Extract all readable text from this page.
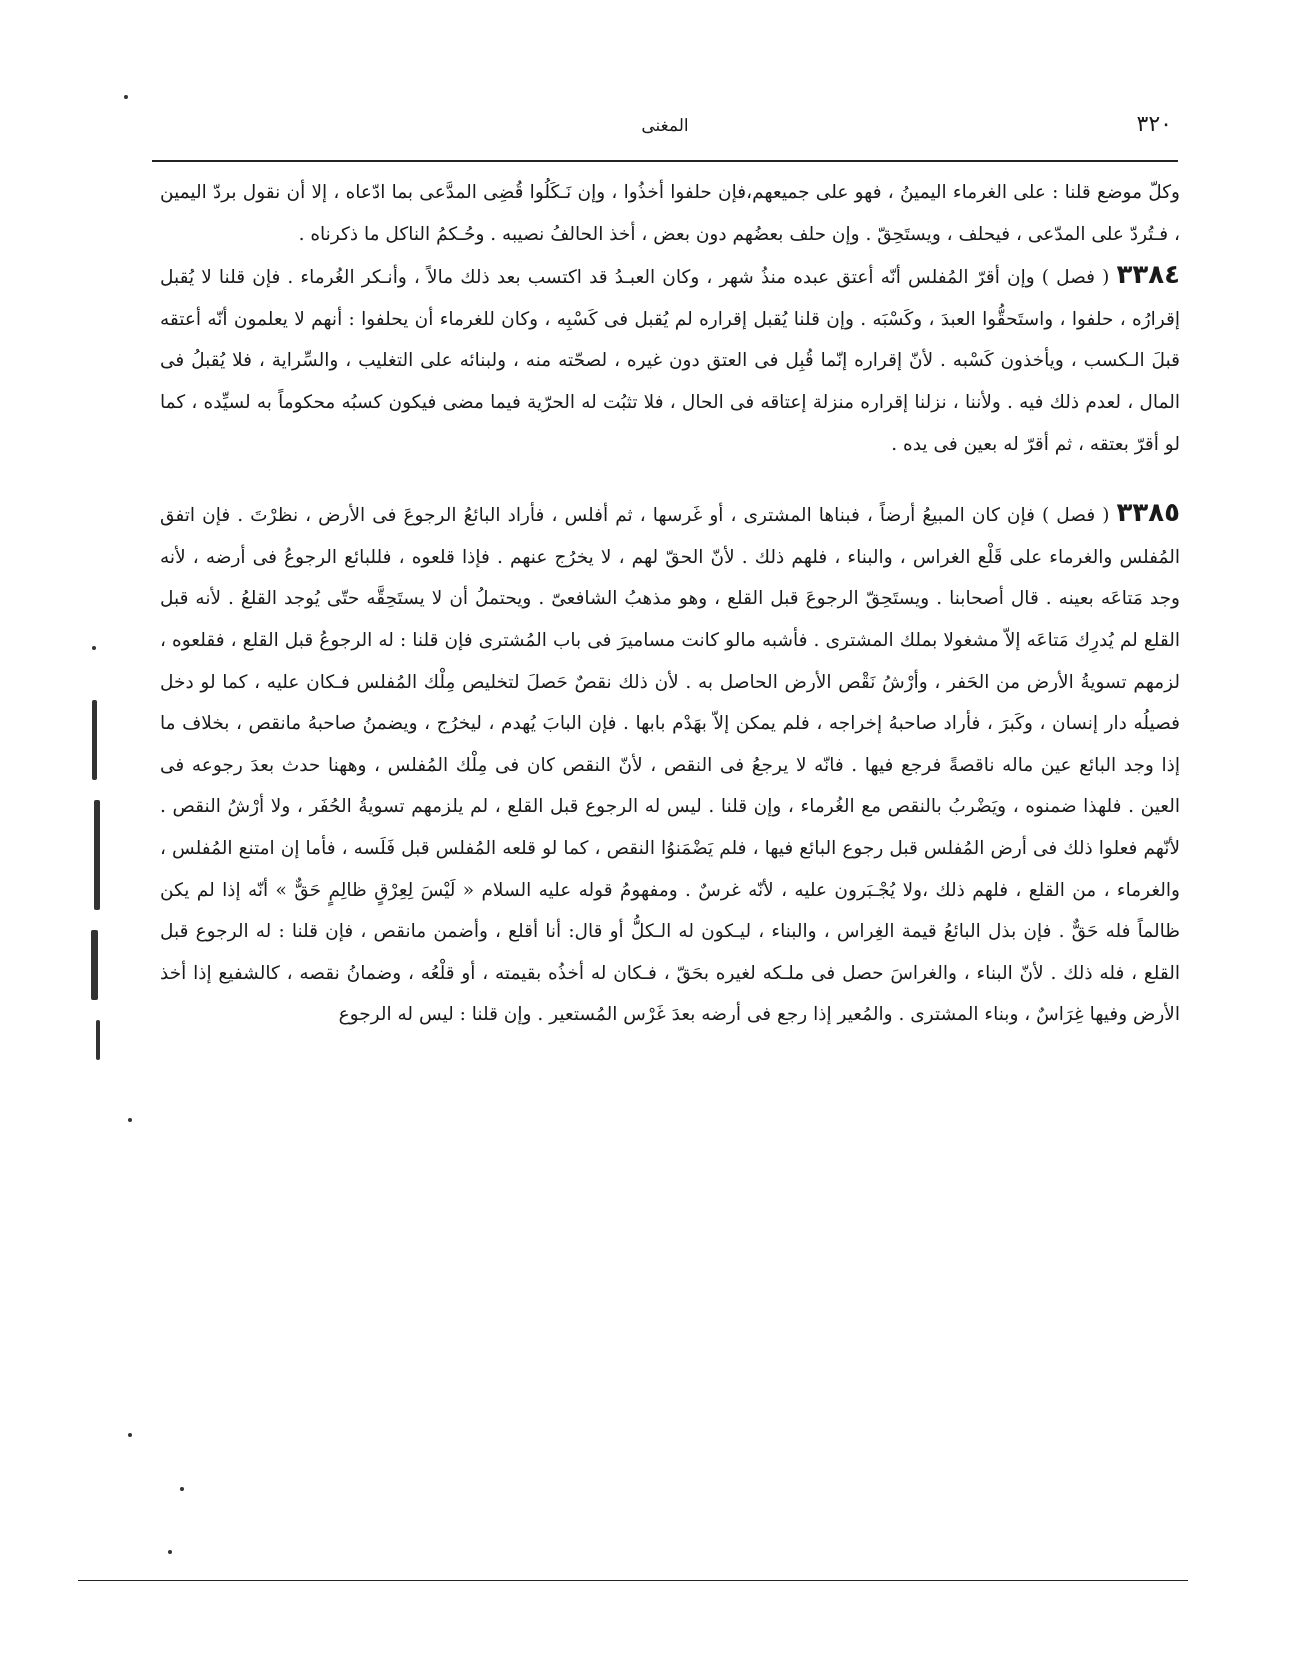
٣٢٠
المغنى

وكلّ موضع قلنا : على الغرماء اليمينُ ، فهو على جميعهم،فإن حلفوا أخذُوا ، وإن نَـكَلُوا قُضِى المدَّعى بما ادّعاه ، إلا أن نقول بردّ اليمين ، فـتُردّ على المدّعى ، فيحلف ، ويستَحِقّ . وإن حلف بعضُهم دون بعض ، أخذ الحالفُ نصيبه . وحُـكمُ الناكل ما ذكرناه .

٣٣٨٤ ( فصل ) وإن أقرّ المُفلس أنّه أعتق عبده منذُ شهر ، وكان العبـدُ قد اكتسب بعد ذلك مالاً ، وأنـكر الغُرماء . فإن قلنا لا يُقبل إقرارُه ، حلفوا ، واستَحقُّوا العبدَ ، وكَسْبَه . وإن قلنا يُقبل إقراره لم يُقبل فى كَسْبِه ، وكان للغرماء أن يحلفوا : أنهم لا يعلمون أنّه أعتقه قبلَ الـكسب ، ويأخذون كَسْبه . لأنّ إقراره إنّما قُبِل فى العتق دون غيره ، لصحّته منه ، ولبنائه على التغليب ، والسِّراية ، فلا يُقبلُ فى المال ، لعدم ذلك فيه . ولأننا ، نزلنا إقراره منزلة إعتاقه فى الحال ، فلا تثبُت له الحرّية فيما مضى فيكون كسبُه محكوماً به لسيِّده ، كما لو أقرّ بعتقه ، ثم أقرّ له بعين فى يده .

٣٣٨٥ ( فصل ) فإن كان المبيعُ أرضاً ، فبناها المشترى ، أو غَرسها ، ثم أفلس ، فأراد البائعُ الرجوعَ فى الأرض ، نظرْتَ . فإن اتفق المُفلس والغرماء على قَلْع الغراس ، والبناء ، فلهم ذلك . لأنّ الحقّ لهم ، لا يخرُج عنهم . فإذا قلعوه ، فللبائع الرجوعُ فى أرضه ، لأنه وجد مَتاعَه بعينه . قال أصحابنا . ويستَحِقّ الرجوعَ قبل القلع ، وهو مذهبُ الشافعىّ . ويحتملُ أن لا يستَحِقَّه حتّى يُوجد القلعُ . لأنه قبل القلع لم يُدرِك مَتاعَه إلاّ مشغولا بملك المشترى . فأشبه مالو كانت مساميرَ فى باب المُشترى فإن قلنا : له الرجوعُ قبل القلع ، فقلعوه ، لزمهم تسويةُ الأرض من الحَفر ، وأرْشُ نَقْص الأرض الحاصل به . لأن ذلك نقصٌ حَصلَ لتخليص مِلْك المُفلس فـكان عليه ، كما لو دخل فصيلُه دار إنسان ، وكَبرَ ، فأراد صاحبهُ إخراجه ، فلم يمكن إلاّ بهَدْم بابها . فإن البابَ يُهدم ، ليخرُج ، ويضمنُ صاحبهُ مانقص ، بخلاف ما إذا وجد البائع عين ماله ناقصةً فرجع فيها . فانّه لا يرجعُ فى النقص ، لأنّ النقص كان فى مِلْك المُفلس ، وههنا حدث بعدَ رجوعه فى العين . فلهذا ضمنوه ، ويَضْربُ بالنقص مع الغُرماء ، وإن قلنا . ليس له الرجوع قبل القلع ، لم يلزمهم تسويةُ الحُفَر ، ولا أرْشُ النقص . لأنّهم فعلوا ذلك فى أرض المُفلس قبل رجوع البائع فيها ، فلم يَضْمَنوُا النقص ، كما لو قلعه المُفلس قبل فَلَسه ، فأما إن امتنع المُفلس ، والغرماء ، من القلع ، فلهم ذلك ،ولا يُجْـبَرون عليه ، لأنّه غرسٌ . ومفهومُ قوله عليه السلام « لَيْسَ لِعِرْقٍ ظالِمٍ حَقٌّ » أنّه إذا لم يكن ظالماً فله حَقٌّ . فإن بذل البائعُ قيمة الغِراس ، والبناء ، ليـكون له الـكلُّ أو قال: أنا أقلع ، وأضمن مانقص ، فإن قلنا : له الرجوع قبل القلع ، فله ذلك . لأنّ البناء ، والغراسَ حصل فى ملـكه لغيره بحَقّ ، فـكان له أخذُه بقيمته ، أو قلْعُه ، وضمانُ نقصه ، كالشفيع إذا أخذ الأرض وفيها غِرَاسٌ ، وبناء المشترى . والمُعير إذا رجع فى أرضه بعدَ غَرْس المُستعير . وإن قلنا : ليس له الرجوع
